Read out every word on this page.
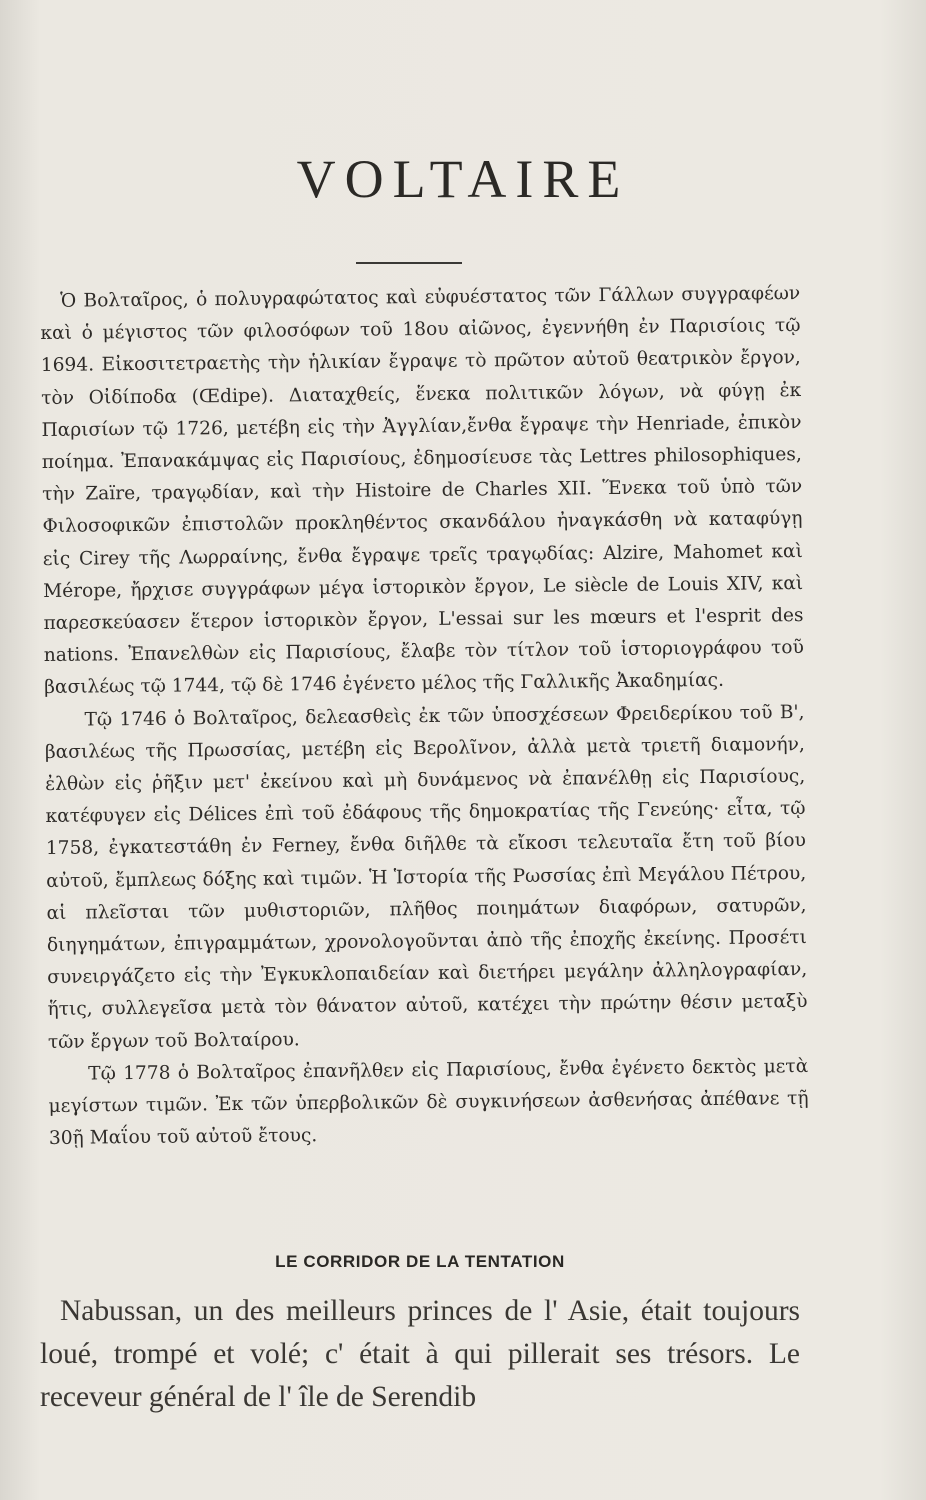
VOLTAIRE

Ὁ Βολταῖρος, ὁ πολυγραφώτατος καὶ εὐφυέστατος τῶν Γάλλων συγγραφέων καὶ ὁ μέγιστος τῶν φιλοσόφων τοῦ 18ου αἰῶνος, ἐγεννήθη ἐν Παρισίοις τῷ 1694. Εἰκοσιτετραετὴς τὴν ἡλικίαν ἔγραψε τὸ πρῶτον αὐτοῦ θεατρικὸν ἔργον, τὸν Οἰδίποδα (Œdipe). Διαταχθείς, ἕνεκα πολιτικῶν λόγων, νὰ φύγῃ ἐκ Παρισίων τῷ 1726, μετέβη εἰς τὴν Ἀγγλίαν,ἔνθα ἔγραψε τὴν Henriade, ἐπικὸν ποίημα. Ἐπανακάμψας εἰς Παρισίους, ἐδημοσίευσε τὰς Lettres philosophiques, τὴν Zaïre, τραγῳδίαν, καὶ τὴν Histoire de Charles XII. Ἕνεκα τοῦ ὑπὸ τῶν Φιλοσοφικῶν ἐπιστολῶν προκληθέντος σκανδάλου ἠναγκάσθη νὰ καταφύγῃ εἰς Cirey τῆς Λωρραίνης, ἔνθα ἔγραψε τρεῖς τραγῳδίας: Alzire, Mahomet καὶ Mérope, ἤρχισε συγγράφων μέγα ἱστορικὸν ἔργον, Le siècle de Louis XIV, καὶ παρεσκεύασεν ἕτερον ἱστορικὸν ἔργον, L'essai sur les mœurs et l'esprit des nations. Ἐπανελθὼν εἰς Παρισίους, ἔλαβε τὸν τίτλον τοῦ ἱστοριογράφου τοῦ βασιλέως τῷ 1744, τῷ δὲ 1746 ἐγένετο μέλος τῆς Γαλλικῆς Ἀκαδημίας.

Τῷ 1746 ὁ Βολταῖρος, δελεασθεὶς ἐκ τῶν ὑποσχέσεων Φρειδερίκου τοῦ Β', βασιλέως τῆς Πρωσσίας, μετέβη εἰς Βερολῖνον, ἀλλὰ μετὰ τριετῆ διαμονήν, ἐλθὼν εἰς ῥῆξιν μετ' ἐκείνου καὶ μὴ δυνάμενος νὰ ἐπανέλθῃ εἰς Παρισίους, κατέφυγεν εἰς Délices ἐπὶ τοῦ ἐδάφους τῆς δημοκρατίας τῆς Γενεύης· εἶτα, τῷ 1758, ἐγκατεστάθη ἐν Ferney, ἔνθα διῆλθε τὰ εἴκοσι τελευταῖα ἔτη τοῦ βίου αὐτοῦ, ἔμπλεως δόξης καὶ τιμῶν. Ἡ Ἱστορία τῆς Ρωσσίας ἐπὶ Μεγάλου Πέτρου, αἱ πλεῖσται τῶν μυθιστοριῶν, πλῆθος ποιημάτων διαφόρων, σατυρῶν, διηγημάτων, ἐπιγραμμάτων, χρονολογοῦνται ἀπὸ τῆς ἐποχῆς ἐκείνης. Προσέτι συνειργάζετο εἰς τὴν Ἐγκυκλοπαιδείαν καὶ διετήρει μεγάλην ἀλληλογραφίαν, ἥτις, συλλεγεῖσα μετὰ τὸν θάνατον αὐτοῦ, κατέχει τὴν πρώτην θέσιν μεταξὺ τῶν ἔργων τοῦ Βολταίρου.

Τῷ 1778 ὁ Βολταῖρος ἐπανῆλθεν εἰς Παρισίους, ἔνθα ἐγένετο δεκτὸς μετὰ μεγίστων τιμῶν. Ἐκ τῶν ὑπερβολικῶν δὲ συγκινήσεων ἀσθενήσας ἀπέθανε τῇ 30ῇ Μαΐου τοῦ αὐτοῦ ἔτους.

LE CORRIDOR DE LA TENTATION

Nabussan, un des meilleurs princes de l' Asie, était toujours loué, trompé et volé; c' était à qui pillerait ses trésors. Le receveur général de l' île de Serendib
